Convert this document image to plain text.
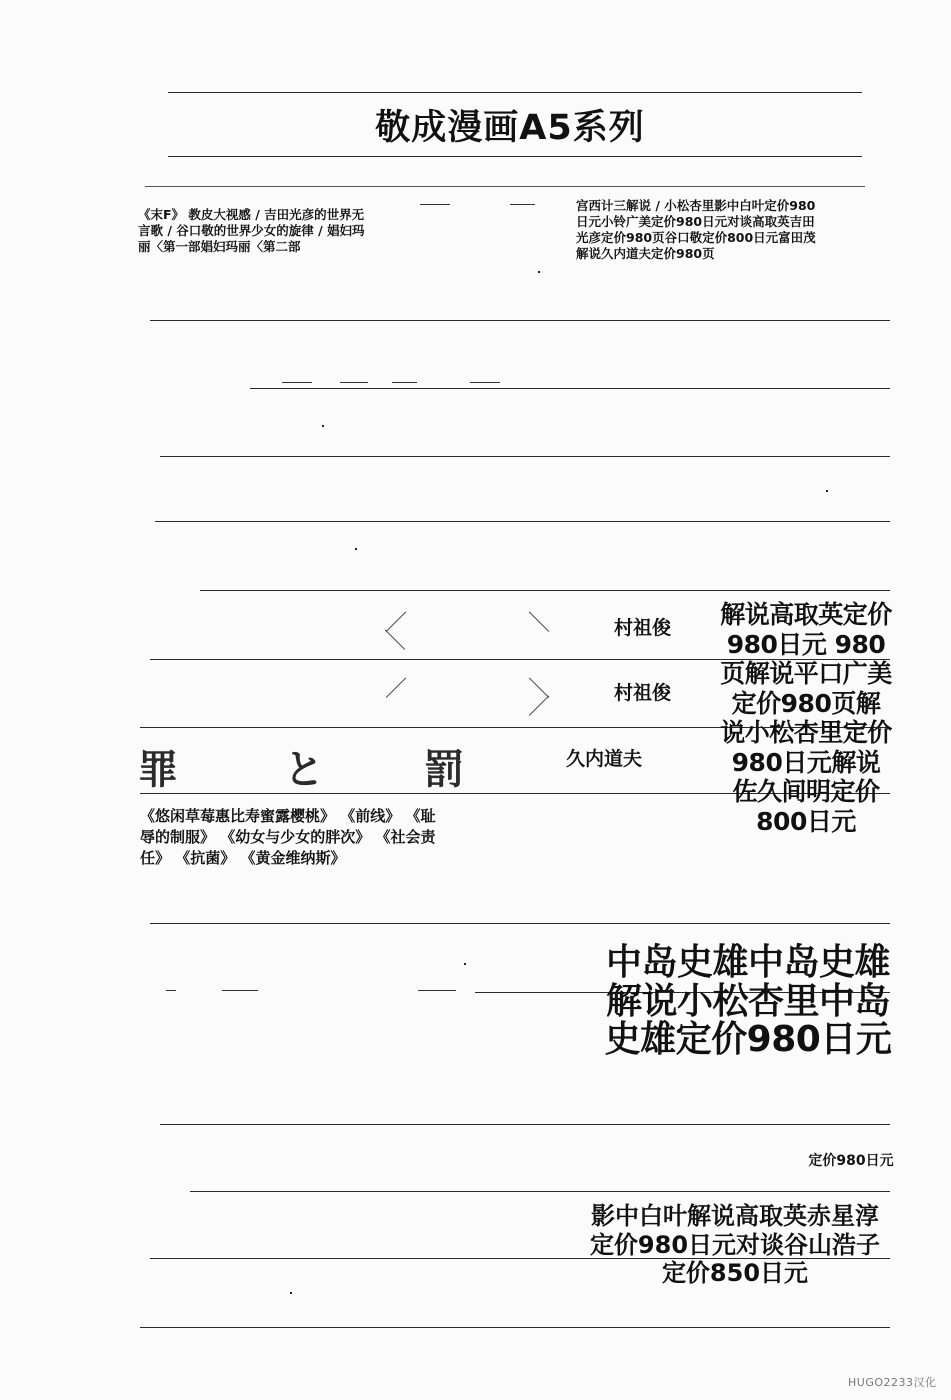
／
＼
＼
／	＼
／
敬成漫画A5系列

《末F》 教皮大视感 / 吉田光彦的世界无言歌 / 谷口敬的世界少女的旋律 / 娼妇玛丽〈第一部娼妇玛丽〈第二部

宫西计三解说 / 小松杏里影中白叶定价980日元小铃广美定价980日元对谈高取英吉田光彦定价980页谷口敬定价800日元富田茂解说久内道夫定价980页

村祖俊

村祖俊

久内道夫

解说高取英定价980日元 980页解说平口广美定价980页解说小松杏里定价980日元解说佐久间明定价800日元

罪	と	罰

《悠闲草莓惠比寿蜜露樱桃》 《前线》 《耻辱的制服》 《幼女与少女的胖次》 《社会责任》 《抗菌》 《黄金维纳斯》

中岛史雄中岛史雄解说小松杏里中岛史雄定价980日元

定价980日元

影中白叶解说高取英赤星淳定价980日元对谈谷山浩子定价850日元

HUGO2233汉化
